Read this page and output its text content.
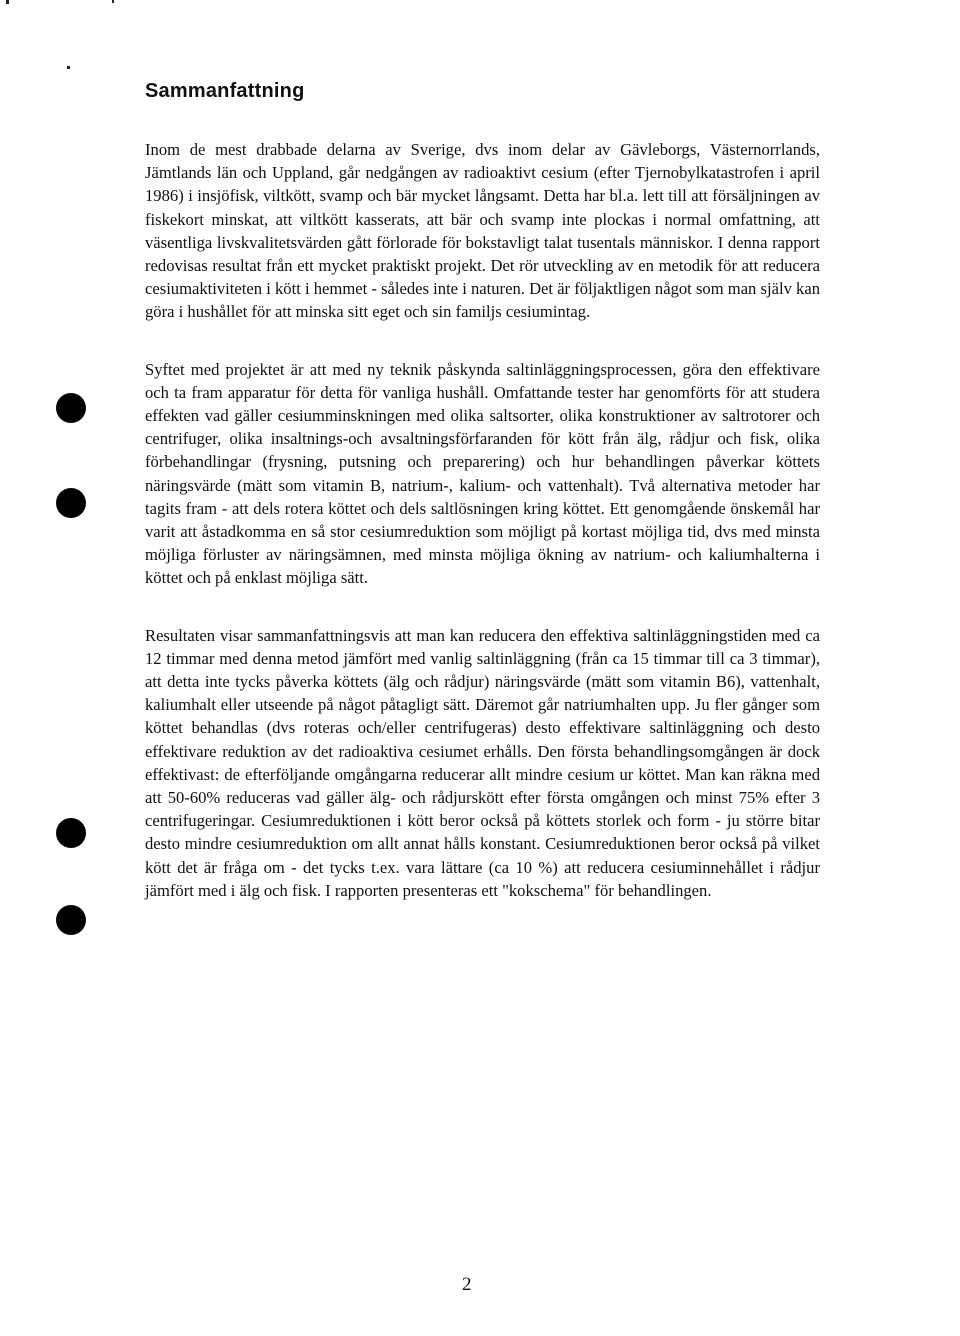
Sammanfattning

Inom de mest drabbade delarna av Sverige, dvs inom delar av Gävleborgs, Västernorrlands, Jämtlands län och Uppland, går nedgången av radioaktivt cesium (efter Tjernobylkatastrofen i april 1986) i insjöfisk, viltkött, svamp och bär mycket långsamt. Detta har bl.a. lett till att försäljningen av fiskekort minskat, att viltkött kasserats, att bär och svamp inte plockas i normal omfattning, att väsentliga livskvalitetsvärden gått förlorade för bokstavligt talat tusentals människor. I denna rapport redovisas resultat från ett mycket praktiskt projekt. Det rör utveckling av en metodik för att reducera cesiumaktiviteten i kött i hemmet - således inte i naturen. Det är följaktligen något som man själv kan göra i hushållet för att minska sitt eget och sin familjs cesiumintag.

Syftet med projektet är att med ny teknik påskynda saltinläggningsprocessen, göra den effektivare och ta fram apparatur för detta för vanliga hushåll. Omfattande tester har genomförts för att studera effekten vad gäller cesiumminskningen med olika saltsorter, olika konstruktioner av saltrotorer och centrifuger, olika insaltnings-och avsaltningsförfaranden för kött från älg, rådjur och fisk, olika förbehandlingar (frysning, putsning och preparering) och hur behandlingen påverkar köttets näringsvärde (mätt som vitamin B, natrium-, kalium- och vattenhalt). Två alternativa metoder har tagits fram - att dels rotera köttet och dels saltlösningen kring köttet. Ett genomgående önskemål har varit att åstadkomma en så stor cesiumreduktion som möjligt på kortast möjliga tid, dvs med minsta möjliga förluster av näringsämnen, med minsta möjliga ökning av natrium- och kaliumhalterna i köttet och på enklast möjliga sätt.

Resultaten visar sammanfattningsvis att man kan reducera den effektiva saltinläggningstiden med ca 12 timmar med denna metod jämfört med vanlig saltinläggning (från ca 15 timmar till ca 3 timmar), att detta inte tycks påverka köttets (älg och rådjur) näringsvärde (mätt som vitamin B6), vattenhalt, kaliumhalt eller utseende på något påtagligt sätt. Däremot går natriumhalten upp. Ju fler gånger som köttet behandlas (dvs roteras och/eller centrifugeras) desto effektivare saltinläggning och desto effektivare reduktion av det radioaktiva cesiumet erhålls. Den första behandlingsomgången är dock effektivast: de efterföljande omgångarna reducerar allt mindre cesium ur köttet. Man kan räkna med att 50-60% reduceras vad gäller älg- och rådjurskött efter första omgången och minst 75% efter 3 centrifugeringar. Cesiumreduktionen i kött beror också på köttets storlek och form - ju större bitar desto mindre cesiumreduktion om allt annat hålls konstant. Cesiumreduktionen beror också på vilket kött det är fråga om - det tycks t.ex. vara lättare (ca 10 %) att reducera cesiuminnehållet i rådjur jämfört med i älg och fisk. I rapporten presenteras ett "kokschema" för behandlingen.

2
